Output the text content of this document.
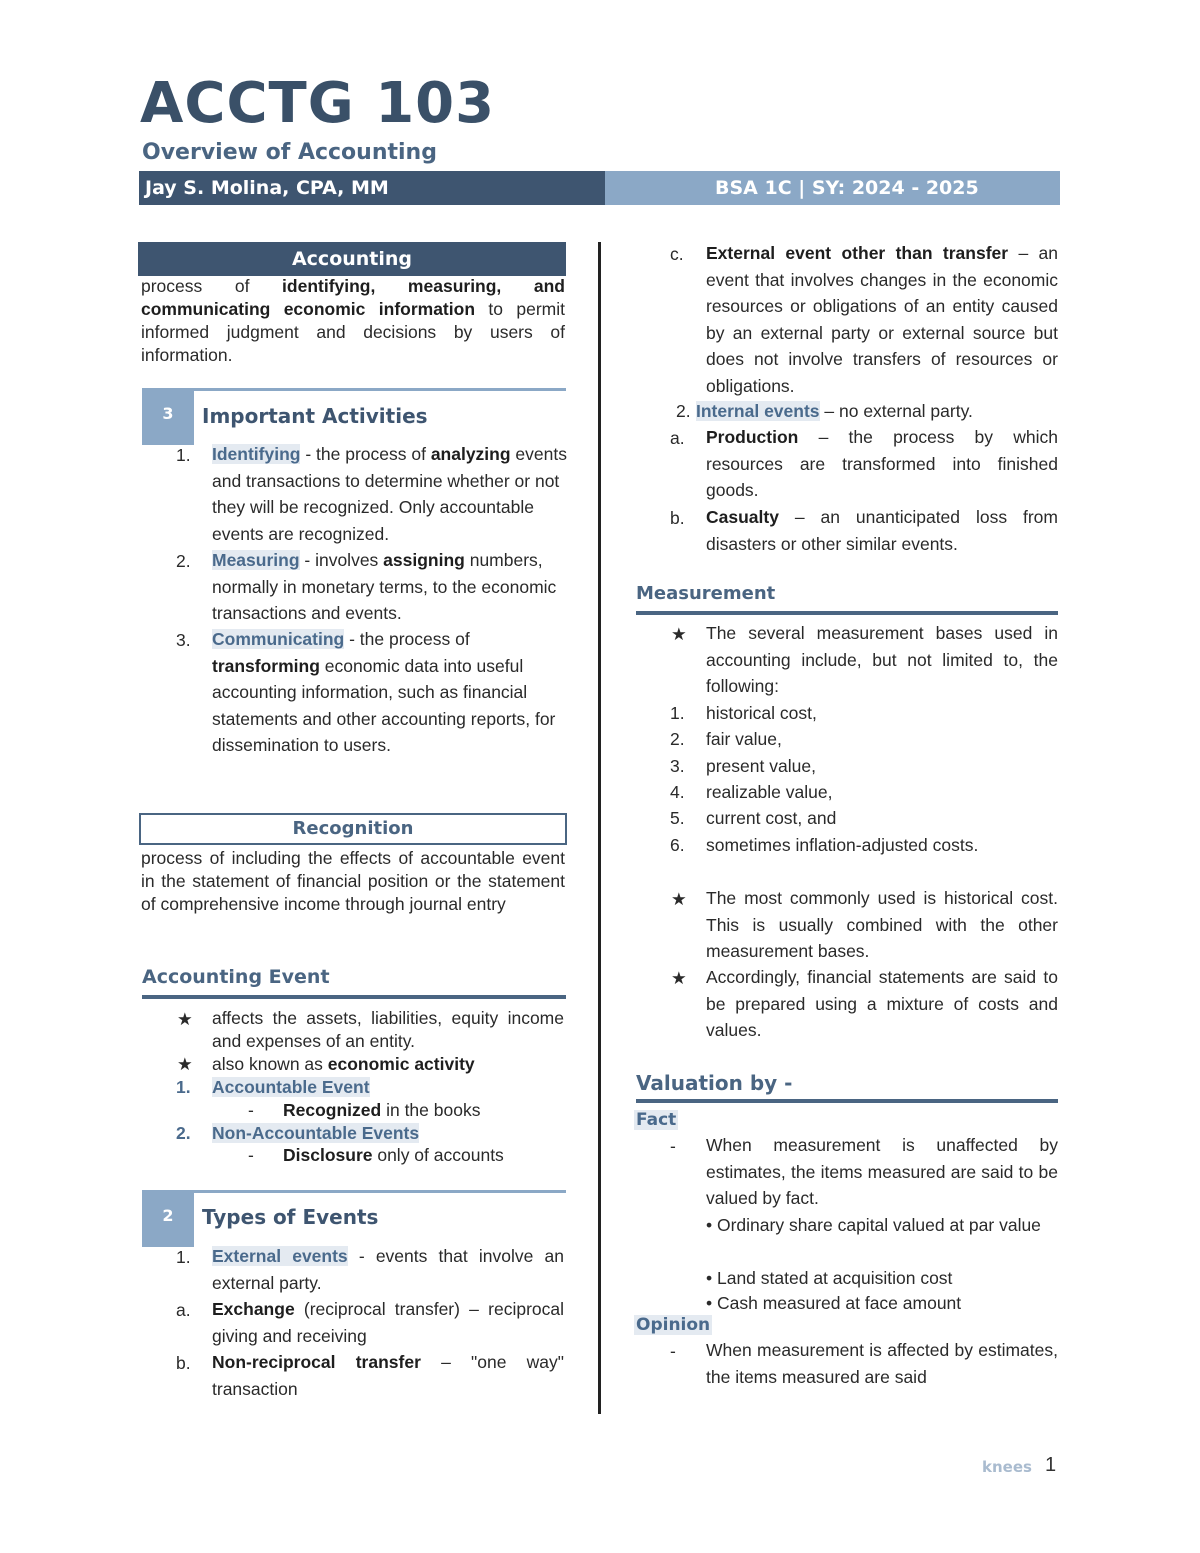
ACCTG 103
Overview of Accounting
Jay S. Molina, CPA, MM	BSA 1C | SY: 2024 - 2025
Accounting
process of identifying, measuring, and communicating economic information to permit informed judgment and decisions by users of information.
3	Important Activities
1. Identifying - the process of analyzing events and transactions to determine whether or not they will be recognized. Only accountable events are recognized.
2. Measuring - involves assigning numbers, normally in monetary terms, to the economic transactions and events.
3. Communicating - the process of transforming economic data into useful accounting information, such as financial statements and other accounting reports, for dissemination to users.
Recognition
process of including the effects of accountable event in the statement of financial position or the statement of comprehensive income through journal entry
Accounting Event
★ affects the assets, liabilities, equity income and expenses of an entity.
★ also known as economic activity
1. Accountable Event
- Recognized in the books
2. Non-Accountable Events
- Disclosure only of accounts
2	Types of Events
1. External events - events that involve an external party.
a. Exchange (reciprocal transfer) – reciprocal giving and receiving
b. Non-reciprocal transfer – "one way" transaction
c. External event other than transfer – an event that involves changes in the economic resources or obligations of an entity caused by an external party or external source but does not involve transfers of resources or obligations.
2. Internal events – no external party.
a. Production – the process by which resources are transformed into finished goods.
b. Casualty – an unanticipated loss from disasters or other similar events.
Measurement
★ The several measurement bases used in accounting include, but not limited to, the following:
1. historical cost,
2. fair value,
3. present value,
4. realizable value,
5. current cost, and
6. sometimes inflation-adjusted costs.
★ The most commonly used is historical cost. This is usually combined with the other measurement bases.
★ Accordingly, financial statements are said to be prepared using a mixture of costs and values.
Valuation by -
Fact
- When measurement is unaffected by estimates, the items measured are said to be valued by fact.
• Ordinary share capital valued at par value
• Land stated at acquisition cost
• Cash measured at face amount
Opinion
- When measurement is affected by estimates, the items measured are said
knees 1
